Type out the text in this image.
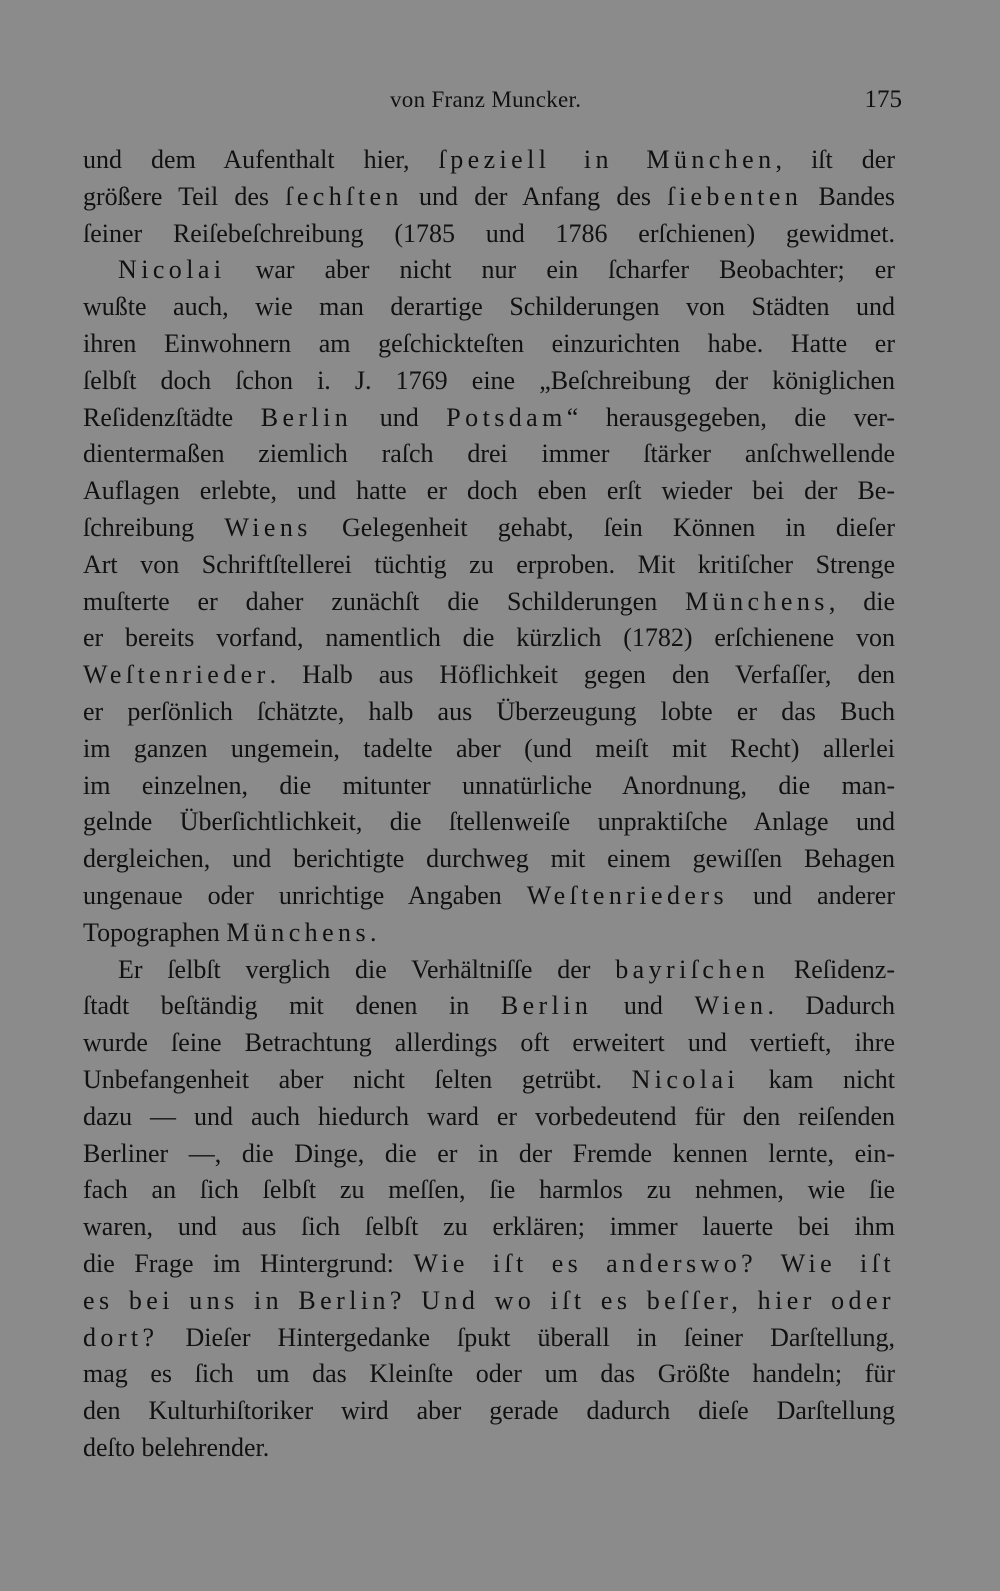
von Franz Muncker.	175
und dem Aufenthalt hier, ſpeziell in München, iſt der
größere Teil des ſechſten und der Anfang des ſiebenten Bandes
ſeiner Reiſebeſchreibung (1785 und 1786 erſchienen) gewidmet.
Nicolai war aber nicht nur ein ſcharfer Beobachter; er
wußte auch, wie man derartige Schilderungen von Städten und
ihren Einwohnern am geſchickteſten einzurichten habe. Hatte er
ſelbſt doch ſchon i. J. 1769 eine „Beſchreibung der königlichen
Reſidenzſtädte Berlin und Potsdam“ herausgegeben, die ver-
dientermaßen ziemlich raſch drei immer ſtärker anſchwellende
Auflagen erlebte, und hatte er doch eben erſt wieder bei der Be-
ſchreibung Wiens Gelegenheit gehabt, ſein Können in dieſer
Art von Schriftſtellerei tüchtig zu erproben. Mit kritiſcher Strenge
muſterte er daher zunächſt die Schilderungen Münchens, die
er bereits vorfand, namentlich die kürzlich (1782) erſchienene von
Weſtenrieder. Halb aus Höflichkeit gegen den Verfaſſer, den
er perſönlich ſchätzte, halb aus Überzeugung lobte er das Buch
im ganzen ungemein, tadelte aber (und meiſt mit Recht) allerlei
im einzelnen, die mitunter unnatürliche Anordnung, die man-
gelnde Überſichtlichkeit, die ſtellenweiſe unpraktiſche Anlage und
dergleichen, und berichtigte durchweg mit einem gewiſſen Behagen
ungenaue oder unrichtige Angaben Weſtenrieders und anderer
Topographen Münchens.
Er ſelbſt verglich die Verhältniſſe der bayriſchen Reſidenz-
ſtadt beſtändig mit denen in Berlin und Wien. Dadurch
wurde ſeine Betrachtung allerdings oft erweitert und vertieft, ihre
Unbefangenheit aber nicht ſelten getrübt. Nicolai kam nicht
dazu — und auch hiedurch ward er vorbedeutend für den reiſenden
Berliner —, die Dinge, die er in der Fremde kennen lernte, ein-
fach an ſich ſelbſt zu meſſen, ſie harmlos zu nehmen, wie ſie
waren, und aus ſich ſelbſt zu erklären; immer lauerte bei ihm
die Frage im Hintergrund: Wie iſt es anderswo? Wie iſt
es bei uns in Berlin? Und wo iſt es beſſer, hier oder
dort? Dieſer Hintergedanke ſpukt überall in ſeiner Darſtellung,
mag es ſich um das Kleinſte oder um das Größte handeln; für
den Kulturhiſtoriker wird aber gerade dadurch dieſe Darſtellung
deſto belehrender.
